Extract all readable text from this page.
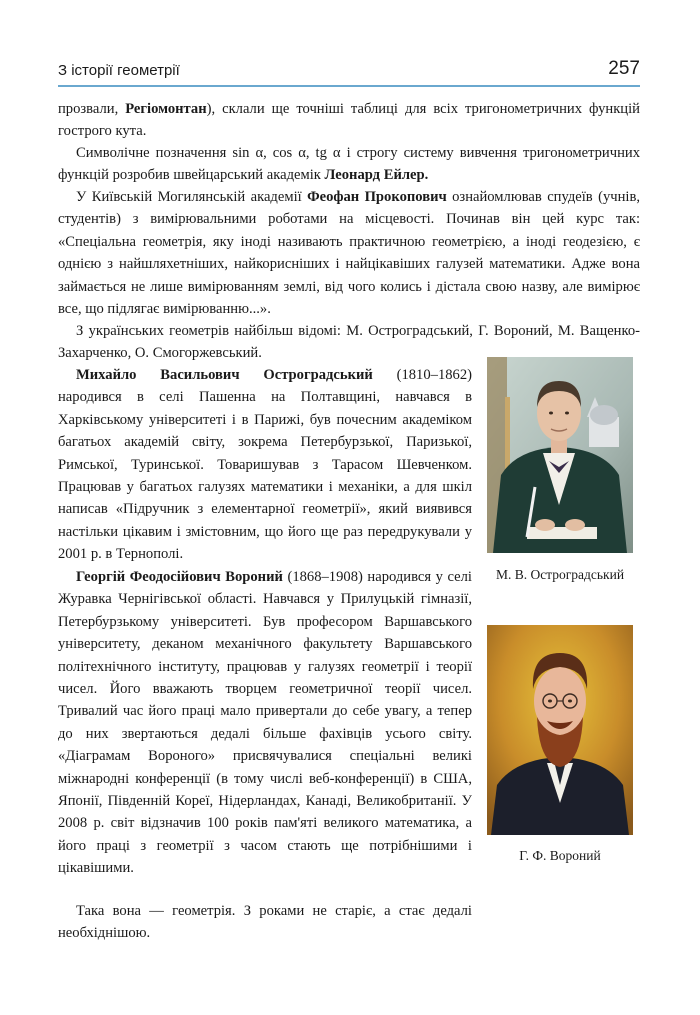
З історії геометрії	257

прозвали, Регіомонтан), склали ще точніші таблиці для всіх тригонометричних функцій гострого кута.

Символічне позначення sin α, cos α, tg α і строгу систему вивчення тригонометричних функцій розробив швейцарський академік Леонард Ейлер.

У Київській Могилянській академії Феофан Прокопович ознайомлював спудеїв (учнів, студентів) з вимірювальними роботами на місцевості. Починав він цей курс так: «Спеціальна геометрія, яку іноді називають практичною геометрією, а іноді геодезією, є однією з найшляхетніших, найкорисніших і найцікавіших галузей математики. Адже вона займається не лише вимірюванням землі, від чого колись і дістала свою назву, але вимірює все, що підлягає вимірюванню...».

З українських геометрів найбільш відомі: М. Остроградський, Г. Вороний, М. Ващенко-Захарченко, О. Смогоржевський.

Михайло Васильович Остроградський (1810–1862) народився в селі Пашенна на Полтавщині, навчався в Харківському університеті і в Парижі, був почесним академіком багатьох академій світу, зокрема Петербурзької, Паризької, Римської, Туринської. Товаришував з Тарасом Шевченком. Працював у багатьох галузях математики і механіки, а для шкіл написав «Підручник з елементарної геометрії», який виявився настільки цікавим і змістовним, що його ще раз передрукували у 2001 р. в Тернополі.

Георгій Феодосійович Вороний (1868–1908) народився у селі Журавка Чернігівської області. Навчався у Прилуцькій гімназії, Петербурзькому університеті. Був професором Варшавського університету, деканом механічного факультету Варшавського політехнічного інституту, працював у галузях геометрії і теорії чисел. Його вважають творцем геометричної теорії чисел. Тривалий час його праці мало привертали до себе увагу, а тепер до них звертаються дедалі більше фахівців усього світу. «Діаграмам Вороного» присвячувалися спеціальні великі міжнародні конференції (в тому числі веб-конференції) в США, Японії, Південній Кореї, Нідерландах, Канаді, Великобританії. У 2008 р. світ відзначив 100 років пам'яті великого математика, а його праці з геометрії з часом стають ще потрібнішими і цікавішими.

Така вона — геометрія. З роками не старіє, а стає дедалі необхіднішою.

М. В. Остроградський
Г. Ф. Вороний
